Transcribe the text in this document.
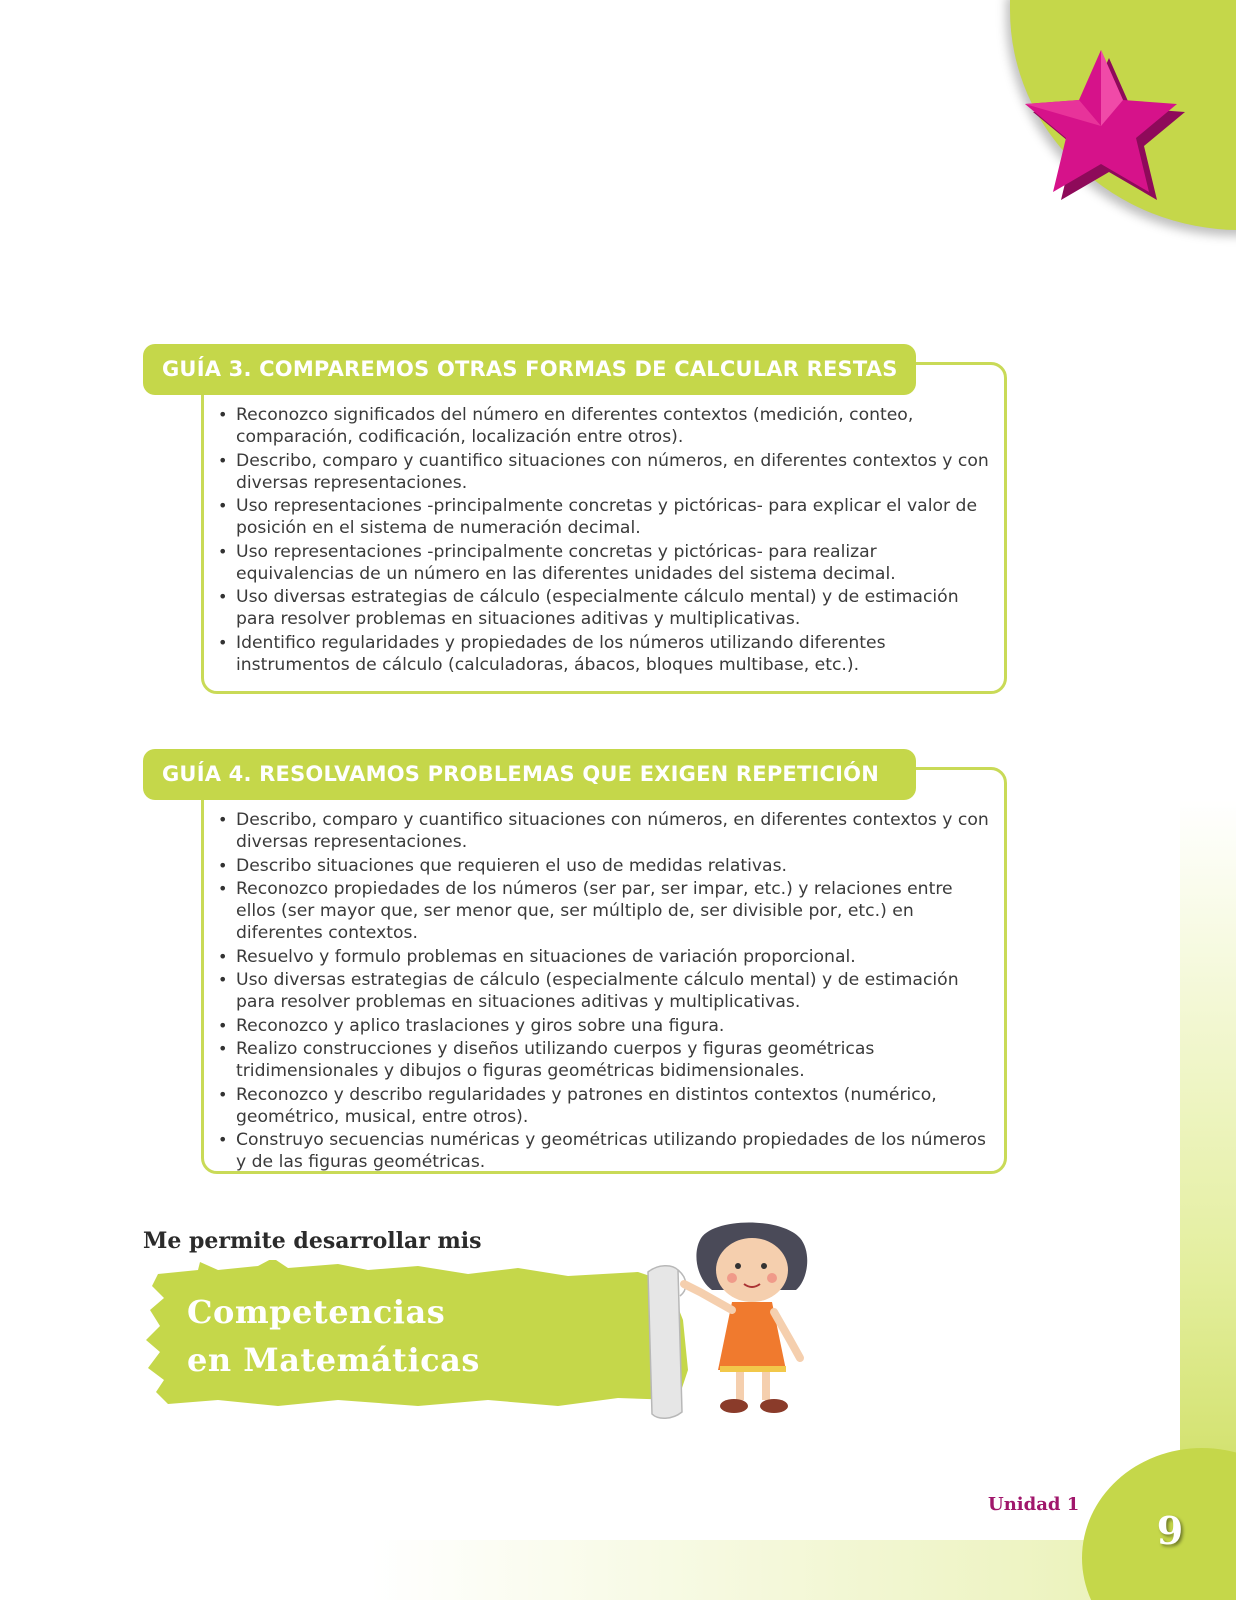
GUÍA 3. COMPAREMOS OTRAS FORMAS DE CALCULAR RESTAS
• Reconozco significados del número en diferentes contextos (medición, conteo, comparación, codificación, localización entre otros).
• Describo, comparo y cuantifico situaciones con números, en diferentes contextos y con diversas representaciones.
• Uso representaciones -principalmente concretas y pictóricas- para explicar el valor de posición en el sistema de numeración decimal.
• Uso representaciones -principalmente concretas y pictóricas- para realizar equivalencias de un número en las diferentes unidades del sistema decimal.
• Uso diversas estrategias de cálculo (especialmente cálculo mental) y de estimación para resolver problemas en situaciones aditivas y multiplicativas.
• Identifico regularidades y propiedades de los números utilizando diferentes instrumentos de cálculo (calculadoras, ábacos, bloques multibase, etc.).
GUÍA 4. RESOLVAMOS PROBLEMAS QUE EXIGEN REPETICIÓN
• Describo, comparo y cuantifico situaciones con números, en diferentes contextos y con diversas representaciones.
• Describo situaciones que requieren el uso de medidas relativas.
• Reconozco propiedades de los números (ser par, ser impar, etc.) y relaciones entre ellos (ser mayor que, ser menor que, ser múltiplo de, ser divisible por, etc.) en diferentes contextos.
• Resuelvo y formulo problemas en situaciones de variación proporcional.
• Uso diversas estrategias de cálculo (especialmente cálculo mental) y de estimación para resolver problemas en situaciones aditivas y multiplicativas.
• Reconozco y aplico traslaciones y giros sobre una figura.
• Realizo construcciones y diseños utilizando cuerpos y figuras geométricas tridimensionales y dibujos o figuras geométricas bidimensionales.
• Reconozco y describo regularidades y patrones en distintos contextos (numérico, geométrico, musical, entre otros).
• Construyo secuencias numéricas y geométricas utilizando propiedades de los números y de las figuras geométricas.
Me permite desarrollar mis
Competencias
en Matemáticas
Unidad 1
9
